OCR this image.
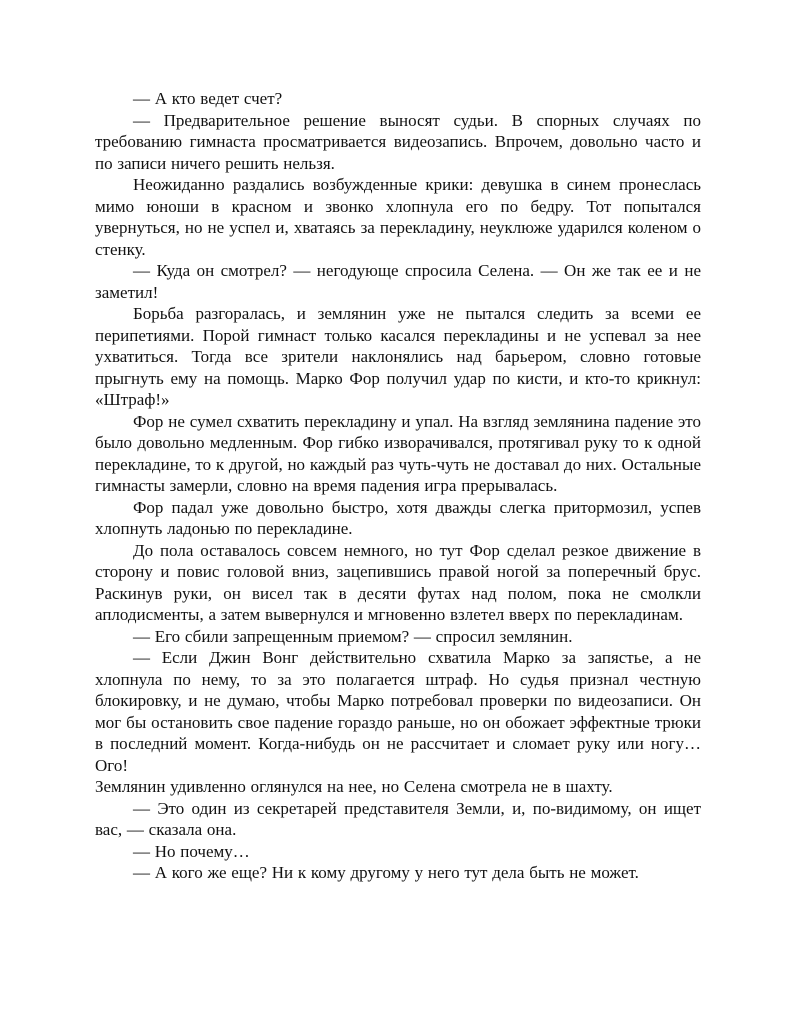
— А кто ведет счет?

— Предварительное решение выносят судьи. В спорных случаях по требованию гимнаста просматривается видеозапись. Впрочем, довольно часто и по записи ничего решить нельзя.

Неожиданно раздались возбужденные крики: девушка в синем пронеслась мимо юноши в красном и звонко хлопнула его по бедру. Тот попытался увернуться, но не успел и, хватаясь за перекладину, неуклюже ударился коленом о стенку.

— Куда он смотрел? — негодующе спросила Селена. — Он же так ее и не заметил!

Борьба разгоралась, и землянин уже не пытался следить за всеми ее перипетиями. Порой гимнаст только касался перекладины и не успевал за нее ухватиться. Тогда все зрители наклонялись над барьером, словно готовые прыгнуть ему на помощь. Марко Фор получил удар по кисти, и кто-то крикнул: «Штраф!»

Фор не сумел схватить перекладину и упал. На взгляд землянина падение это было довольно медленным. Фор гибко изворачивался, протягивал руку то к одной перекладине, то к другой, но каждый раз чуть-чуть не доставал до них. Остальные гимнасты замерли, словно на время падения игра прерывалась.

Фор падал уже довольно быстро, хотя дважды слегка притормозил, успев хлопнуть ладонью по перекладине.

До пола оставалось совсем немного, но тут Фор сделал резкое движение в сторону и повис головой вниз, зацепившись правой ногой за поперечный брус. Раскинув руки, он висел так в десяти футах над полом, пока не смолкли аплодисменты, а затем вывернулся и мгновенно взлетел вверх по перекладинам.

— Его сбили запрещенным приемом? — спросил землянин.

— Если Джин Вонг действительно схватила Марко за запястье, а не хлопнула по нему, то за это полагается штраф. Но судья признал честную блокировку, и не думаю, чтобы Марко потребовал проверки по видеозаписи. Он мог бы остановить свое падение гораздо раньше, но он обожает эффектные трюки в последний момент. Когда-нибудь он не рассчитает и сломает руку или ногу… Ого!

Землянин удивленно оглянулся на нее, но Селена смотрела не в шахту.

— Это один из секретарей представителя Земли, и, по-видимому, он ищет вас, — сказала она.

— Но почему…

— А кого же еще? Ни к кому другому у него тут дела быть не может.
